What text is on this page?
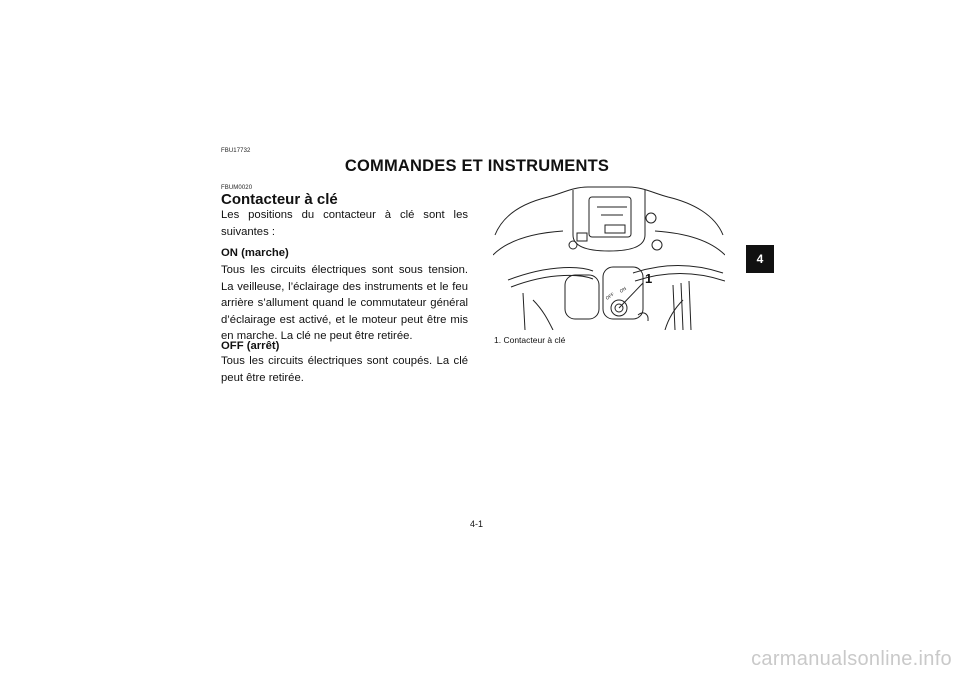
FBU17732
COMMANDES ET INSTRUMENTS
FBUM0020
Contacteur à clé
Les positions du contacteur à clé sont les suivantes :
ON (marche)
Tous les circuits électriques sont sous tension. La veilleuse, l’éclairage des instruments et le feu arrière s’allument quand le commutateur général d’éclairage est activé, et le moteur peut être mis en marche. La clé ne peut être retirée.
OFF (arrêt)
Tous les circuits électriques sont coupés. La clé peut être retirée.
1
OFF
ON
1. Contacteur à clé
4
4-1
carmanualsonline.info
